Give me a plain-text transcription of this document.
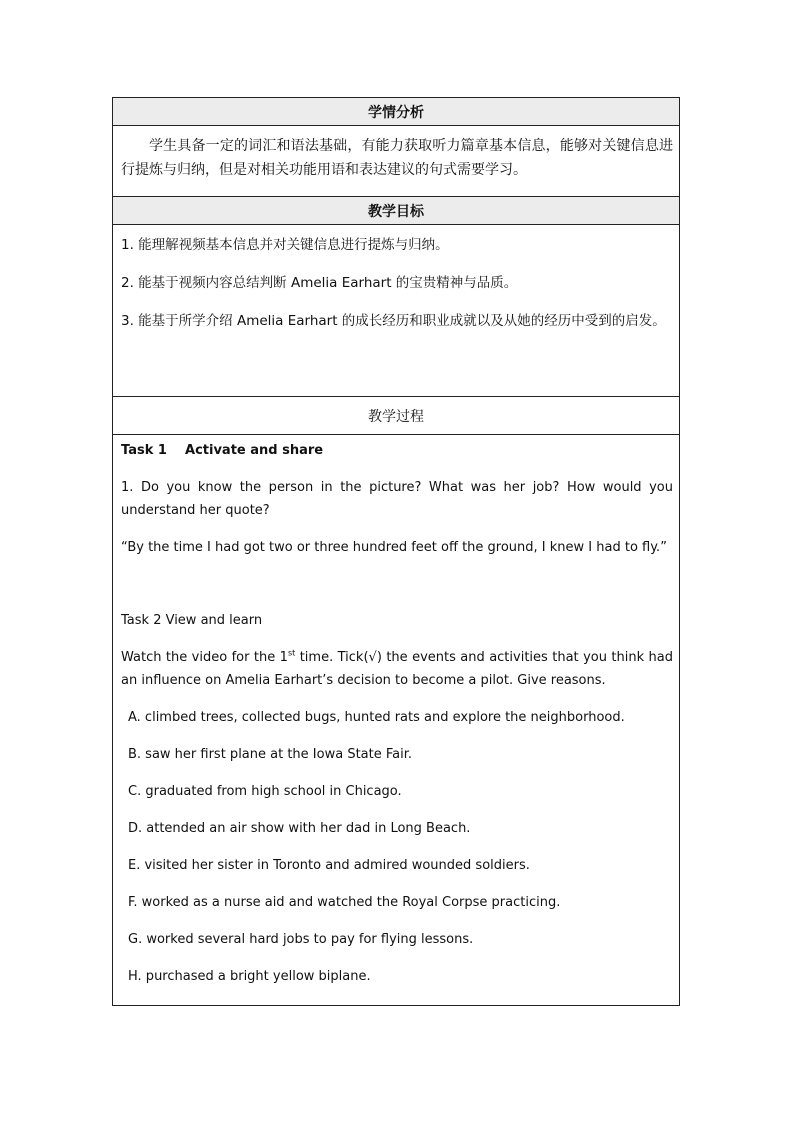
学情分析
学生具备一定的词汇和语法基础，有能力获取听力篇章基本信息，能够对关键信息进行提炼与归纳，但是对相关功能用语和表达建议的句式需要学习。
教学目标

1. 能理解视频基本信息并对关键信息进行提炼与归纳。

2. 能基于视频内容总结判断 Amelia Earhart 的宝贵精神与品质。

3. 能基于所学介绍 Amelia Earhart 的成长经历和职业成就以及从她的经历中受到的启发。

教学过程
Task 1    Activate and share
1. Do you know the person in the picture? What was her job? How would you understand her quote?
“By the time I had got two or three hundred feet off the ground, I knew I had to fly.”
Task 2 View and learn
Watch the video for the 1st time. Tick(√) the events and activities that you think had an influence on Amelia Earhart’s decision to become a pilot. Give reasons.
A. climbed trees, collected bugs, hunted rats and explore the neighborhood.
B. saw her first plane at the Iowa State Fair.
C. graduated from high school in Chicago.
D. attended an air show with her dad in Long Beach.
E. visited her sister in Toronto and admired wounded soldiers.
F. worked as a nurse aid and watched the Royal Corpse practicing.
G. worked several hard jobs to pay for flying lessons.
H. purchased a bright yellow biplane.
